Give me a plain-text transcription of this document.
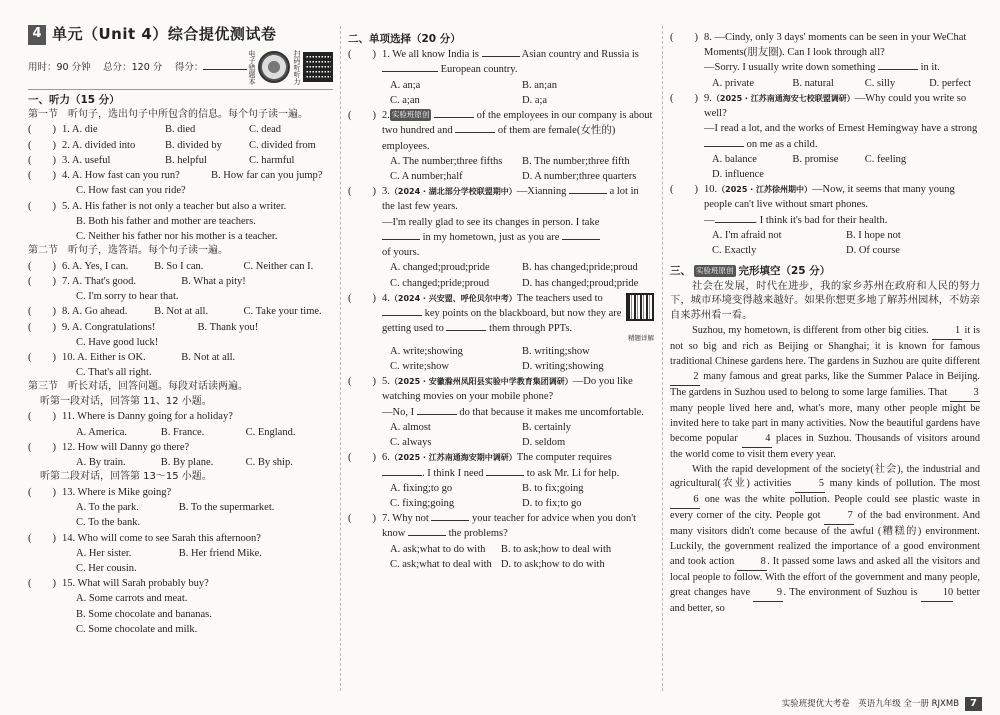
4 单元（Unit 4）综合提优测试卷
用时：90 分钟　 总分：120 分　 得分：	电子错题本	扫码听听力
一、听力（15 分）
第一节　听句子，选出句子中所包含的信息。每个句子读一遍。
(　　) 1. A. die	B. died	C. dead
(　　) 2. A. divided into	B. divided by	C. divided from
(　　) 3. A. useful	B. helpful	C. harmful
(　　) 4. A. How fast can you run?	B. How far can you jump?
C. How fast can you ride?
(　　) 5. A. His father is not only a teacher but also a writer.
B. Both his father and mother are teachers.
C. Neither his father nor his mother is a teacher.
第二节　听句子，选答语。每个句子读一遍。
(　　) 6. A. Yes, I can.	B. So I can.	C. Neither can I.
(　　) 7. A. That's good.	B. What a pity!
C. I'm sorry to hear that.
(　　) 8. A. Go ahead.	B. Not at all.	C. Take your time.
(　　) 9. A. Congratulations!	B. Thank you!
C. Have good luck!
(　　) 10. A. Either is OK.	B. Not at all.
C. That's all right.
第三节　听长对话，回答问题。每段对话读两遍。
听第一段对话，回答第 11、12 小题。
(　　) 11. Where is Danny going for a holiday?
A. America.	B. France.	C. England.
(　　) 12. How will Danny go there?
A. By train.	B. By plane.	C. By ship.
听第二段对话，回答第 13～15 小题。
(　　) 13. Where is Mike going?
A. To the park.	B. To the supermarket.
C. To the bank.
(　　) 14. Who will come to see Sarah this afternoon?
A. Her sister.	B. Her friend Mike.
C. Her cousin.
(　　) 15. What will Sarah probably buy?
A. Some carrots and meat.
B. Some chocolate and bananas.
C. Some chocolate and milk.
二、单项选择（20 分）
(　　) 1. We all know India is	Asian country and Russia is
European country.
A. an;a	B. an;an
C. a;an	D. a;a
(　　) 2. 实验班原创	of the employees in our company is about two hundred and	of them are female(女性的) employees.
A. The number;three fifths	B. The number;three fifth
C. A number;half	D. A number;three quarters
(　　) 3.（2024 · 湖北部分学校联盟期中）—Xianning	a lot in the last few years.
—I'm really glad to see its changes in person. I take
in my hometown, just as you are
of yours.
A. changed;proud;pride	B. has changed;pride;proud
C. changed;pride;proud	D. has changed;proud;pride
(　　) 4.（2024 · 兴安盟、呼伦贝尔中考）The teachers used to
key points on the blackboard, but now they are getting used to	them through PPTs.
精题详解
A. write;showing	B. writing;show
C. write;show	D. writing;showing
(　　) 5.（2025 · 安徽滁州凤阳县实验中学教育集团调研）—Do you like watching movies on your mobile phone?
—No, I	do that because it makes me uncomfortable.
A. almost	B. certainly
C. always	D. seldom
(　　) 6.（2025 · 江苏南通海安期中调研）The computer requires
. I think I need	to ask Mr. Li for help.
A. fixing;to go	B. to fix;going
C. fixing;going	D. to fix;to go
(　　) 7. Why not	your teacher for advice when you don't know	the problems?
A. ask;what to do with	B. to ask;how to deal with
C. ask;what to deal with D. to ask;how to do with
(　　) 8. —Cindy, only 3 days' moments can be seen in your WeChat Moments(朋友圈). Can I look through all?
—Sorry. I usually write down something	in it.
A. private	B. natural	C. silly	D. perfect
(　　) 9.（2025 · 江苏南通海安七校联盟调研）—Why could you write so well?
—I read a lot, and the works of Ernest Hemingway have a strong  on me as a child.
A. balance	B. promise	C. feeling
D. influence
(　　) 10.（2025 · 江苏徐州期中）—Now, it seems that many young people can't live without smart phones.
—	. I think it's bad for their health.
A. I'm afraid not	B. I hope not
C. Exactly	D. Of course
三、 实验班原创 完形填空（25 分）

社会在发展，时代在进步，我的家乡苏州在政府和人民的努力下，城市环境变得越来越好。如果你想更多地了解苏州园林，不妨亲自来苏州看一看。

Suzhou, my hometown, is different from other big cities.	1 it is not so big and rich as Beijing or Shanghai; it is known for famous traditional Chinese gardens here. The gardens in Suzhou are quite different 2 many famous and great parks, like the Summer Palace in Beijing. The gardens in Suzhou used to belong to some large families. That	3 many people lived here and, what's more, many other people might be invited here to take part in many activities. Now the beautiful gardens have become popular	4 places in Suzhou. Thousands of visitors around the world come to visit them every year.

With the rapid development of the society(社会), the industrial and agricultural(农业) activities	5 many kinds of pollution. The most 6 one was the white pollution. People could see plastic waste in every corner of the city. People got	7 of the bad environment. And many visitors didn't come because of the awful (糟糕的) environment. Luckily, the government realized the importance of a good environment and took action	8. It passed some laws and asked all the visitors and local people to follow. With the effort of the government and many people, great changes have	9. The environment of Suzhou is 10 better and better, so

实验班提优大考卷　英语九年级 全一册 RJXMB	7
